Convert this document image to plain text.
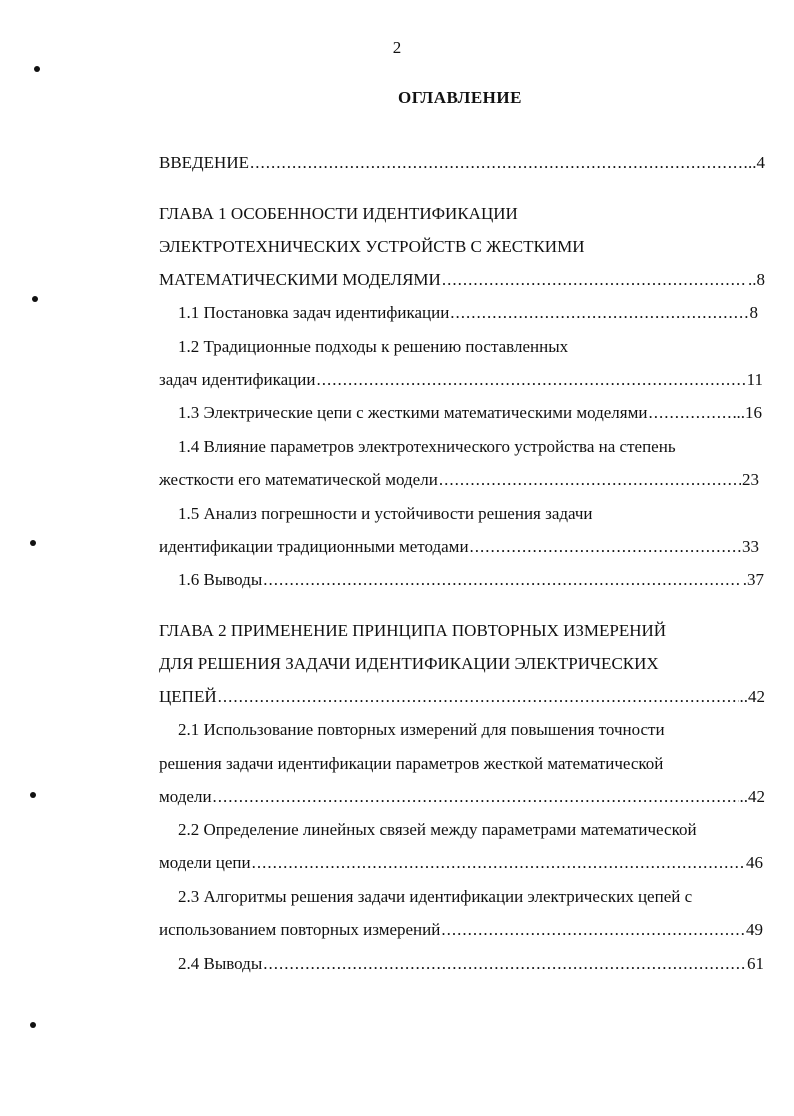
2
ОГЛАВЛЕНИЕ
ВВЕДЕНИЕ .....	..4
ГЛАВА 1 ОСОБЕННОСТИ ИДЕНТИФИКАЦИИ
ЭЛЕКТРОТЕХНИЧЕСКИХ УСТРОЙСТВ С ЖЕСТКИМИ
МАТЕМАТИЧЕСКИМИ МОДЕЛЯМИ .....	..8
1.1 Постановка задач идентификации .....	8
1.2 Традиционные подходы к решению поставленных
задач идентификации .....	11
1.3 Электрические цепи с жесткими математическими моделями .....	..16
1.4 Влияние параметров электротехнического устройства на степень
жесткости его математической модели .....	23
1.5 Анализ погрешности и устойчивости решения задачи
идентификации традиционными методами .....	33
1.6 Выводы .....	.37
ГЛАВА 2 ПРИМЕНЕНИЕ ПРИНЦИПА ПОВТОРНЫХ ИЗМЕРЕНИЙ
ДЛЯ РЕШЕНИЯ ЗАДАЧИ ИДЕНТИФИКАЦИИ ЭЛЕКТРИЧЕСКИХ
ЦЕПЕЙ .....	..42
2.1 Использование повторных измерений для повышения точности
решения задачи идентификации параметров жесткой математической
модели .....	..42
2.2 Определение линейных связей между параметрами математической
модели цепи .....	46
2.3 Алгоритмы решения задачи идентификации электрических цепей с
использованием повторных измерений .....	49
2.4 Выводы .....	61
